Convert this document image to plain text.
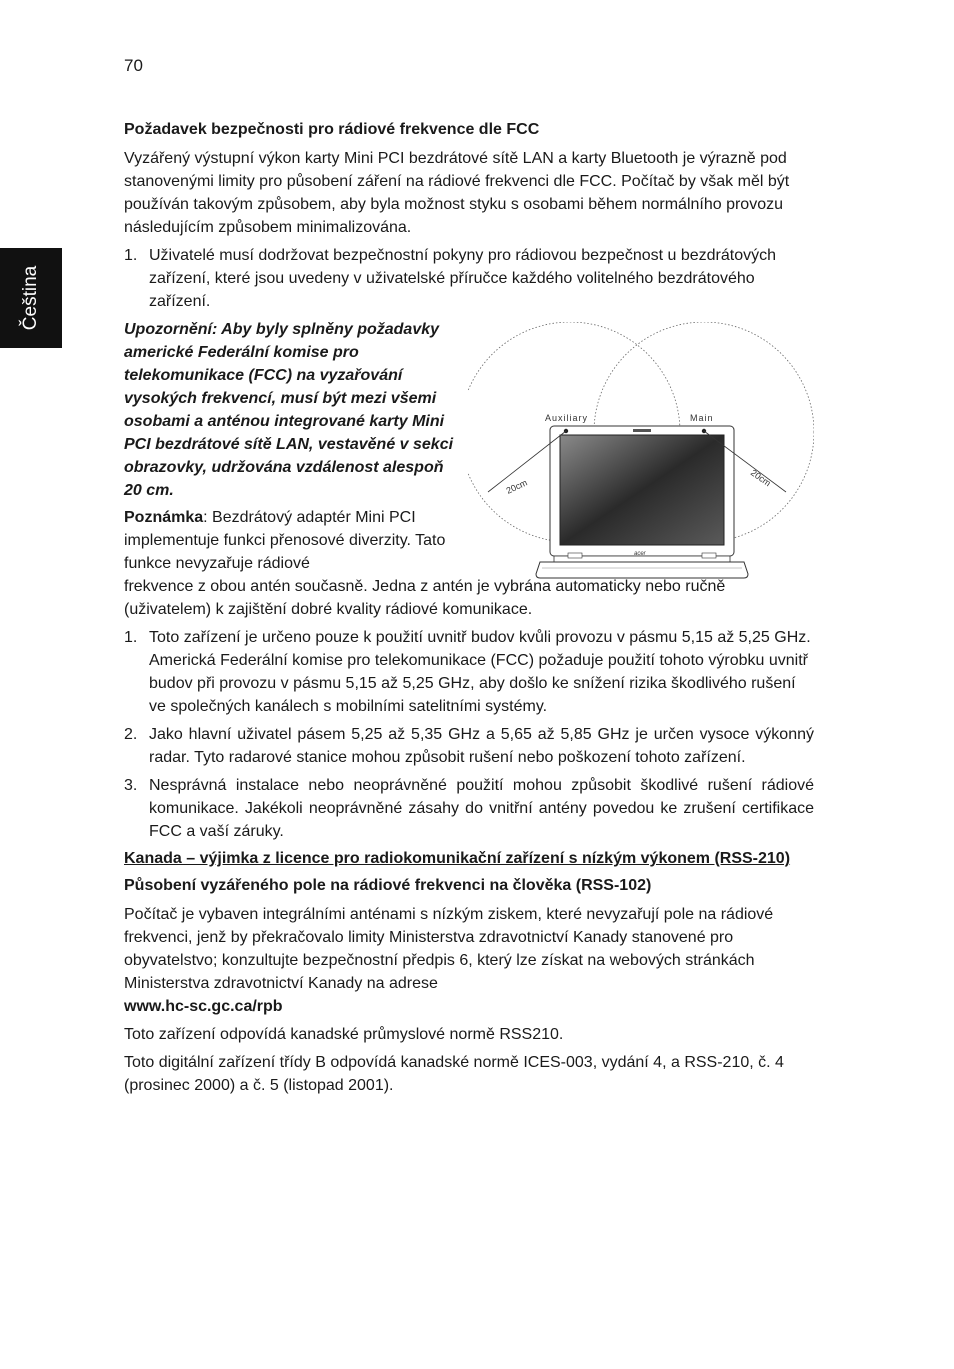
70
Čeština
Auxiliary	Main
20cm	20cm
acer
Požadavek bezpečnosti pro rádiové frekvence dle FCC

Vyzářený výstupní výkon karty Mini PCI bezdrátové sítě LAN a karty Bluetooth je výrazně pod stanovenými limity pro působení záření na rádiové frekvenci dle FCC. Počítač by však měl být používán takovým způsobem, aby byla možnost styku s osobami během normálního provozu následujícím způsobem minimalizována.

1. Uživatelé musí dodržovat bezpečnostní pokyny pro rádiovou bezpečnost u bezdrátových zařízení, které jsou uvedeny v uživatelské příručce každého volitelného bezdrátového zařízení.

Upozornění: Aby byly splněny požadavky americké Federální komise pro telekomunikace (FCC) na vyzařování vysokých frekvencí, musí být mezi všemi osobami a anténou integrované karty Mini PCI bezdrátové sítě LAN, vestavěné v sekci obrazovky, udržována vzdálenost alespoň 20 cm.

Poznámka: Bezdrátový adaptér Mini PCI implementuje funkci přenosové diverzity. Tato funkce nevyzařuje rádiové

frekvence z obou antén současně. Jedna z antén je vybrána automaticky nebo ručně (uživatelem) k zajištění dobré kvality rádiové komunikace.

1. Toto zařízení je určeno pouze k použití uvnitř budov kvůli provozu v pásmu 5,15 až 5,25 GHz. Americká Federální komise pro telekomunikace (FCC) požaduje použití tohoto výrobku uvnitř budov při provozu v pásmu 5,15 až 5,25 GHz, aby došlo ke snížení rizika škodlivého rušení ve společných kanálech s mobilními satelitními systémy.
2. Jako hlavní uživatel pásem 5,25 až 5,35 GHz a 5,65 až 5,85 GHz je určen vysoce výkonný radar. Tyto radarové stanice mohou způsobit rušení nebo poškození tohoto zařízení.
3. Nesprávná instalace nebo neoprávněné použití mohou způsobit škodlivé rušení rádiové komunikace. Jakékoli neoprávněné zásahy do vnitřní antény povedou ke zrušení certifikace FCC a vaší záruky.
Kanada – výjimka z licence pro radiokomunikační zařízení s nízkým výkonem (RSS-210)
Působení vyzářeného pole na rádiové frekvenci na člověka (RSS-102)

Počítač je vybaven integrálními anténami s nízkým ziskem, které nevyzařují pole na rádiové frekvenci, jenž by překračovalo limity Ministerstva zdravotnictví Kanady stanovené pro obyvatelstvo; konzultujte bezpečnostní předpis 6, který lze získat na webových stránkách Ministerstva zdravotnictví Kanady na adrese

www.hc-sc.gc.ca/rpb

Toto zařízení odpovídá kanadské průmyslové normě RSS210.

Toto digitální zařízení třídy B odpovídá kanadské normě ICES-003, vydání 4, a RSS-210, č. 4 (prosinec 2000) a č. 5 (listopad 2001).
